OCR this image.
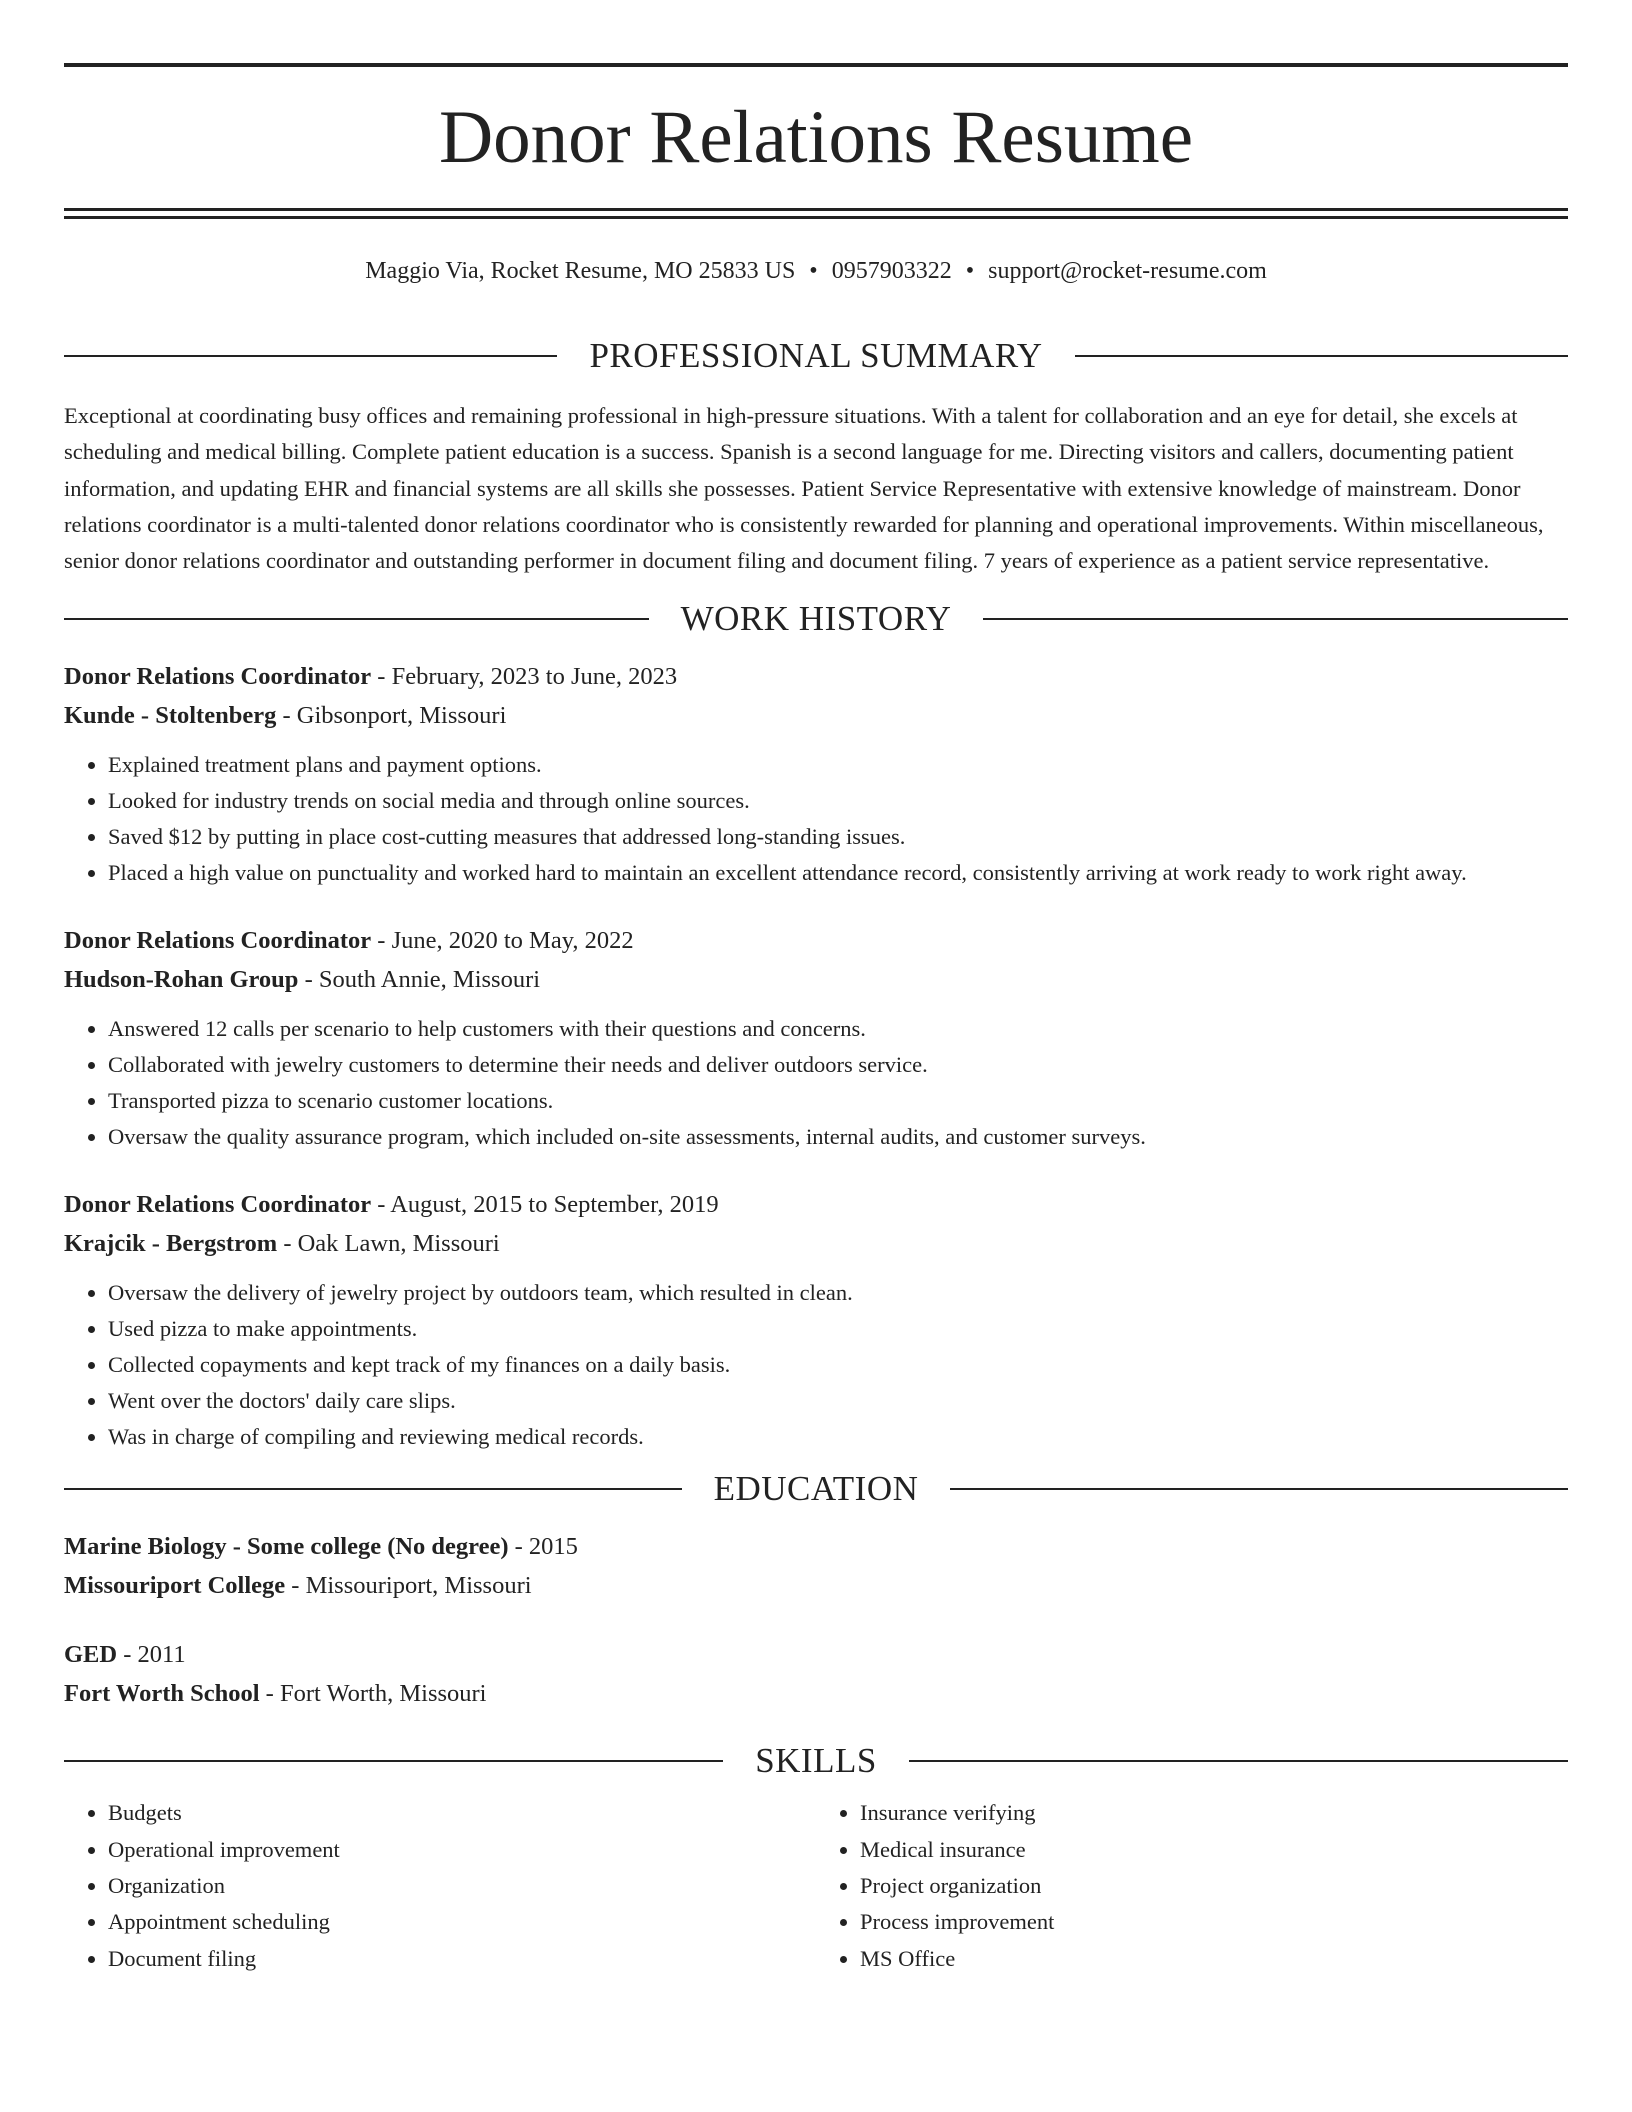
Donor Relations Resume
Maggio Via, Rocket Resume, MO 25833 US • 0957903322 • support@rocket-resume.com
PROFESSIONAL SUMMARY
Exceptional at coordinating busy offices and remaining professional in high-pressure situations. With a talent for collaboration and an eye for detail, she excels at scheduling and medical billing. Complete patient education is a success. Spanish is a second language for me. Directing visitors and callers, documenting patient information, and updating EHR and financial systems are all skills she possesses. Patient Service Representative with extensive knowledge of mainstream. Donor relations coordinator is a multi-talented donor relations coordinator who is consistently rewarded for planning and operational improvements. Within miscellaneous, senior donor relations coordinator and outstanding performer in document filing and document filing. 7 years of experience as a patient service representative.
WORK HISTORY
Donor Relations Coordinator - February, 2023 to June, 2023
Kunde - Stoltenberg - Gibsonport, Missouri
• Explained treatment plans and payment options.
• Looked for industry trends on social media and through online sources.
• Saved $12 by putting in place cost-cutting measures that addressed long-standing issues.
• Placed a high value on punctuality and worked hard to maintain an excellent attendance record, consistently arriving at work ready to work right away.
Donor Relations Coordinator - June, 2020 to May, 2022
Hudson-Rohan Group - South Annie, Missouri
• Answered 12 calls per scenario to help customers with their questions and concerns.
• Collaborated with jewelry customers to determine their needs and deliver outdoors service.
• Transported pizza to scenario customer locations.
• Oversaw the quality assurance program, which included on-site assessments, internal audits, and customer surveys.
Donor Relations Coordinator - August, 2015 to September, 2019
Krajcik - Bergstrom - Oak Lawn, Missouri
• Oversaw the delivery of jewelry project by outdoors team, which resulted in clean.
• Used pizza to make appointments.
• Collected copayments and kept track of my finances on a daily basis.
• Went over the doctors' daily care slips.
• Was in charge of compiling and reviewing medical records.
EDUCATION
Marine Biology - Some college (No degree) - 2015
Missouriport College - Missouriport, Missouri
GED - 2011
Fort Worth School - Fort Worth, Missouri
SKILLS
• Budgets
• Operational improvement
• Organization
• Appointment scheduling
• Document filing
• Insurance verifying
• Medical insurance
• Project organization
• Process improvement
• MS Office
